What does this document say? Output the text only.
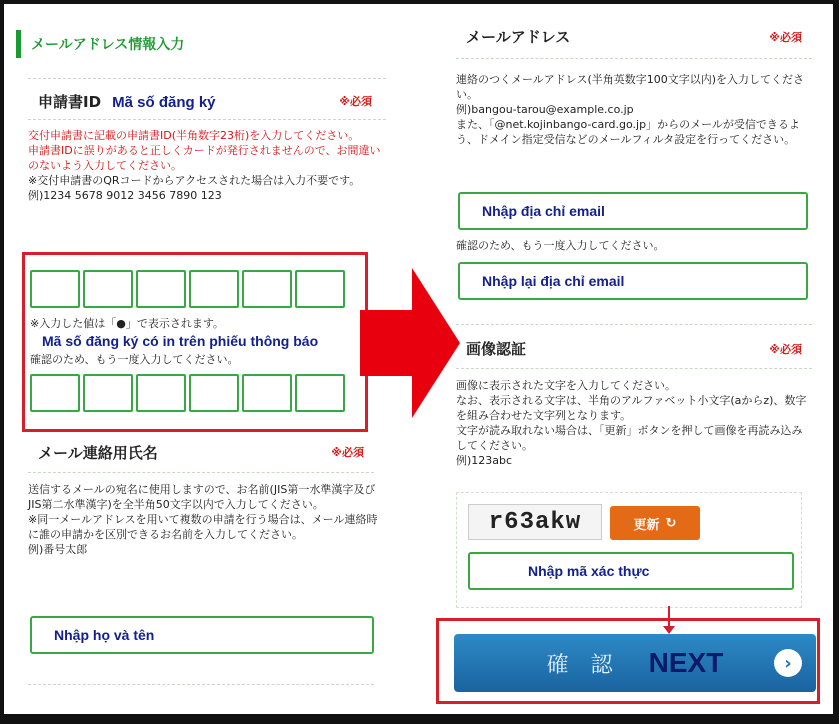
メールアドレス情報入力
申請書ID Mã số đăng ký	※必須
交付申請書に記載の申請書ID(半角数字23桁)を入力してください。
申請書IDに誤りがあると正しくカードが発行されませんので、お間違いのないよう入力してください。
※交付申請書のQRコードからアクセスされた場合は入力不要です。
例)1234 5678 9012 3456 7890 123
※入力した値は「●」で表示されます。
Mã số đăng ký có in trên phiếu thông báo
確認のため、もう一度入力してください。
メール連絡用氏名	※必須
送信するメールの宛名に使用しますので、お名前(JIS第一水準漢字及びJIS第二水準漢字)を全半角50文字以内で入力してください。
※同一メールアドレスを用いて複数の申請を行う場合は、メール連絡時に誰の申請かを区別できるお名前を入力してください。
例)番号太郎
Nhập họ và tên
メールアドレス	※必須
連絡のつくメールアドレス(半角英数字100文字以内)を入力してください。
例)bangou-tarou@example.co.jp
また、「@net.kojinbango-card.go.jp」からのメールが受信できるよう、ドメイン指定受信などのメールフィルタ設定を行ってください。
Nhập địa chỉ email
確認のため、もう一度入力してください。
Nhập lại địa chỉ email
画像認証	※必須
画像に表示された文字を入力してください。
なお、表示される文字は、半角のアルファベット小文字(aからz)、数字を組み合わせた文字列となります。
文字が読み取れない場合は、「更新」ボタンを押して画像を再読み込みしてください。
例)123abc
r63akw	更新 ↻
Nhập mã xác thực
確認 NEXT	›
